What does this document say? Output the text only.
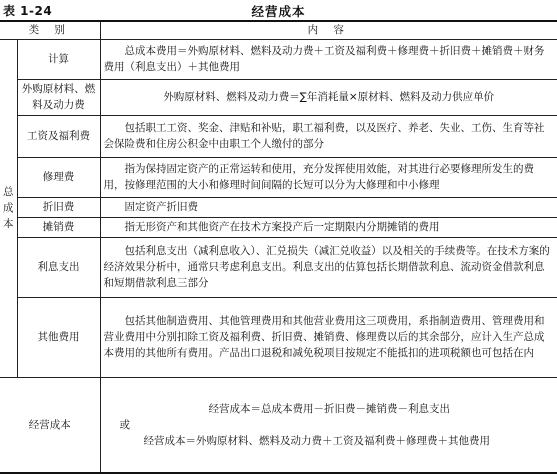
表 1-24	经营成本
类 别		内 容
总
成
本	计算	总成本费用＝外购原材料、燃料及动力费＋工资及福利费＋修理费＋折旧费＋摊销费＋财务费用（利息支出）＋其他费用
	外购原材料、燃料及动力费	外购原材料、燃料及动力费＝∑年消耗量×原材料、燃料及动力供应单价
	工资及福利费	包括职工工资、奖金、津贴和补贴，职工福利费，以及医疗、养老、失业、工伤、生育等社会保险费和住房公积金中由职工个人缴付的部分
	修理费	指为保持固定资产的正常运转和使用，充分发挥使用效能，对其进行必要修理所发生的费用，按修理范围的大小和修理时间间隔的长短可以分为大修理和中小修理
	折旧费	固定资产折旧费
	摊销费	指无形资产和其他资产在技术方案投产后一定期限内分期摊销的费用
	利息支出	包括利息支出（减利息收入）、汇兑损失（减汇兑收益）以及相关的手续费等。在技术方案的经济效果分析中，通常只考虑利息支出。利息支出的估算包括长期借款利息、流动资金借款利息和短期借款利息三部分
	其他费用	包括其他制造费用、其他管理费用和其他营业费用这三项费用，系指制造费用、管理费用和营业费用中分别扣除工资及福利费、折旧费、摊销费、修理费以后的其余部分，应计入生产总成本费用的其他所有费用。产品出口退税和减免税项目按规定不能抵扣的进项税额也可包括在内
经营成本		经营成本＝总成本费用－折旧费－摊销费－利息支出
或
经营成本＝外购原材料、燃料及动力费＋工资及福利费＋修理费＋其他费用
